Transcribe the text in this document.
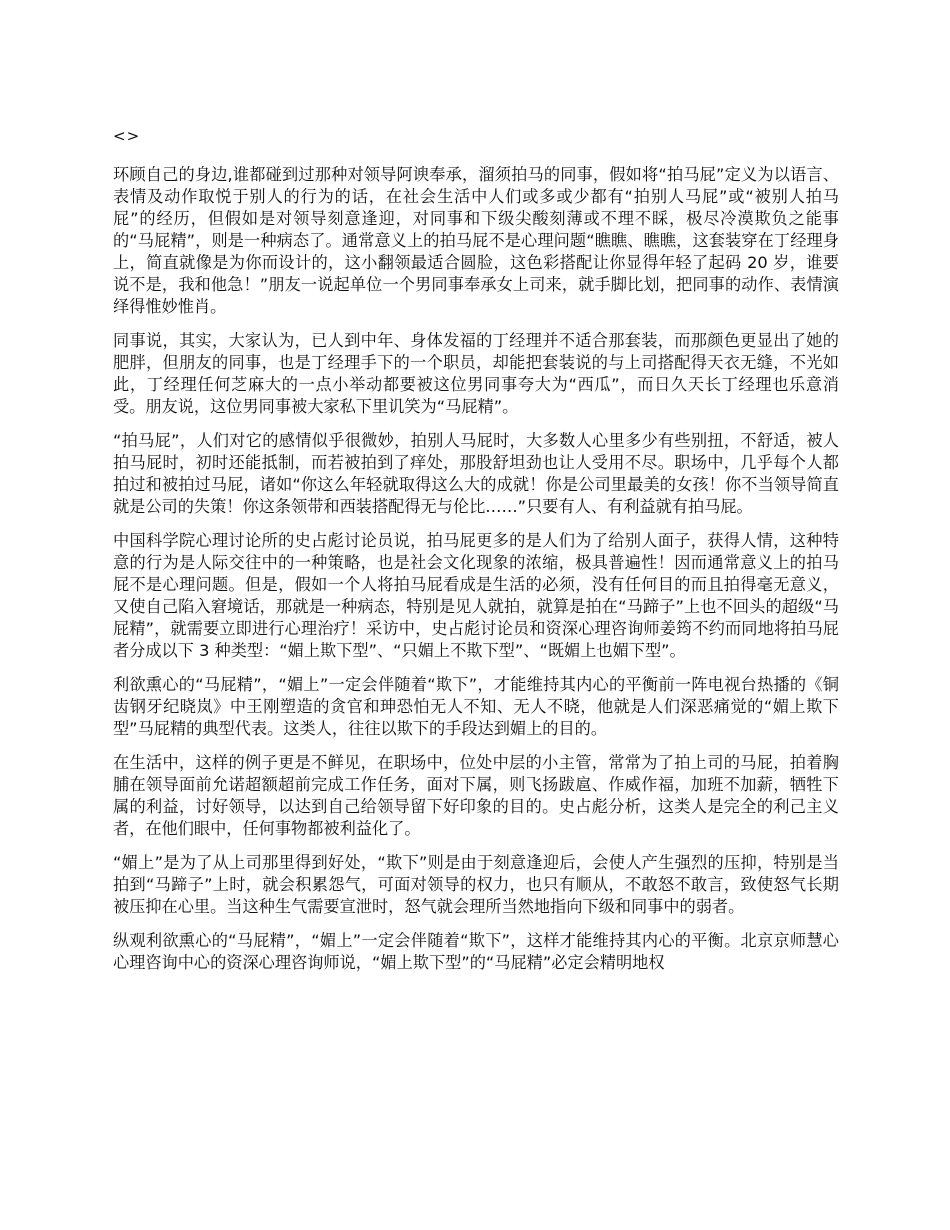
<>

环顾自己的身边,谁都碰到过那种对领导阿谀奉承，溜须拍马的同事，假如将“拍马屁”定义为以语言、表情及动作取悦于别人的行为的话，在社会生活中人们或多或少都有“拍别人马屁”或“被别人拍马屁”的经历，但假如是对领导刻意逢迎，对同事和下级尖酸刻薄或不理不睬，极尽冷漠欺负之能事的“马屁精”，则是一种病态了。通常意义上的拍马屁不是心理问题“瞧瞧、瞧瞧，这套装穿在丁经理身上，简直就像是为你而设计的，这小翻领最适合圆脸，这色彩搭配让你显得年轻了起码 20 岁，谁要说不是，我和他急！”朋友一说起单位一个男同事奉承女上司来，就手脚比划，把同事的动作、表情演绎得惟妙惟肖。

同事说，其实，大家认为，已人到中年、身体发福的丁经理并不适合那套装，而那颜色更显出了她的肥胖，但朋友的同事，也是丁经理手下的一个职员，却能把套装说的与上司搭配得天衣无缝，不光如此，丁经理任何芝麻大的一点小举动都要被这位男同事夸大为“西瓜”，而日久天长丁经理也乐意消受。朋友说，这位男同事被大家私下里讥笑为“马屁精”。

“拍马屁”，人们对它的感情似乎很微妙，拍别人马屁时，大多数人心里多少有些别扭，不舒适，被人拍马屁时，初时还能抵制，而若被拍到了痒处，那股舒坦劲也让人受用不尽。职场中，几乎每个人都拍过和被拍过马屁，诸如“你这么年轻就取得这么大的成就！你是公司里最美的女孩！你不当领导简直就是公司的失策！你这条领带和西装搭配得无与伦比……”只要有人、有利益就有拍马屁。

中国科学院心理讨论所的史占彪讨论员说，拍马屁更多的是人们为了给别人面子，获得人情，这种特意的行为是人际交往中的一种策略，也是社会文化现象的浓缩，极具普遍性！因而通常意义上的拍马屁不是心理问题。但是，假如一个人将拍马屁看成是生活的必须，没有任何目的而且拍得毫无意义，又使自己陷入窘境话，那就是一种病态，特别是见人就拍，就算是拍在“马蹄子”上也不回头的超级“马屁精”，就需要立即进行心理治疗！采访中，史占彪讨论员和资深心理咨询师姜筠不约而同地将拍马屁者分成以下 3 种类型：“媚上欺下型”、“只媚上不欺下型”、“既媚上也媚下型”。

利欲熏心的“马屁精”，“媚上”一定会伴随着“欺下”，才能维持其内心的平衡前一阵电视台热播的《铜齿钢牙纪晓岚》中王刚塑造的贪官和珅恐怕无人不知、无人不晓，他就是人们深恶痛觉的“媚上欺下型”马屁精的典型代表。这类人，往往以欺下的手段达到媚上的目的。

在生活中，这样的例子更是不鲜见，在职场中，位处中层的小主管，常常为了拍上司的马屁，拍着胸脯在领导面前允诺超额超前完成工作任务，面对下属，则飞扬跋扈、作威作福，加班不加薪，牺牲下属的利益，讨好领导，以达到自己给领导留下好印象的目的。史占彪分析，这类人是完全的利己主义者，在他们眼中，任何事物都被利益化了。

“媚上”是为了从上司那里得到好处，“欺下”则是由于刻意逢迎后，会使人产生强烈的压抑，特别是当拍到“马蹄子”上时，就会积累怨气，可面对领导的权力，也只有顺从，不敢怒不敢言，致使怒气长期被压抑在心里。当这种生气需要宣泄时，怒气就会理所当然地指向下级和同事中的弱者。

纵观利欲熏心的“马屁精”，“媚上”一定会伴随着“欺下”，这样才能维持其内心的平衡。北京京师慧心心理咨询中心的资深心理咨询师说，“媚上欺下型”的“马屁精”必定会精明地权
